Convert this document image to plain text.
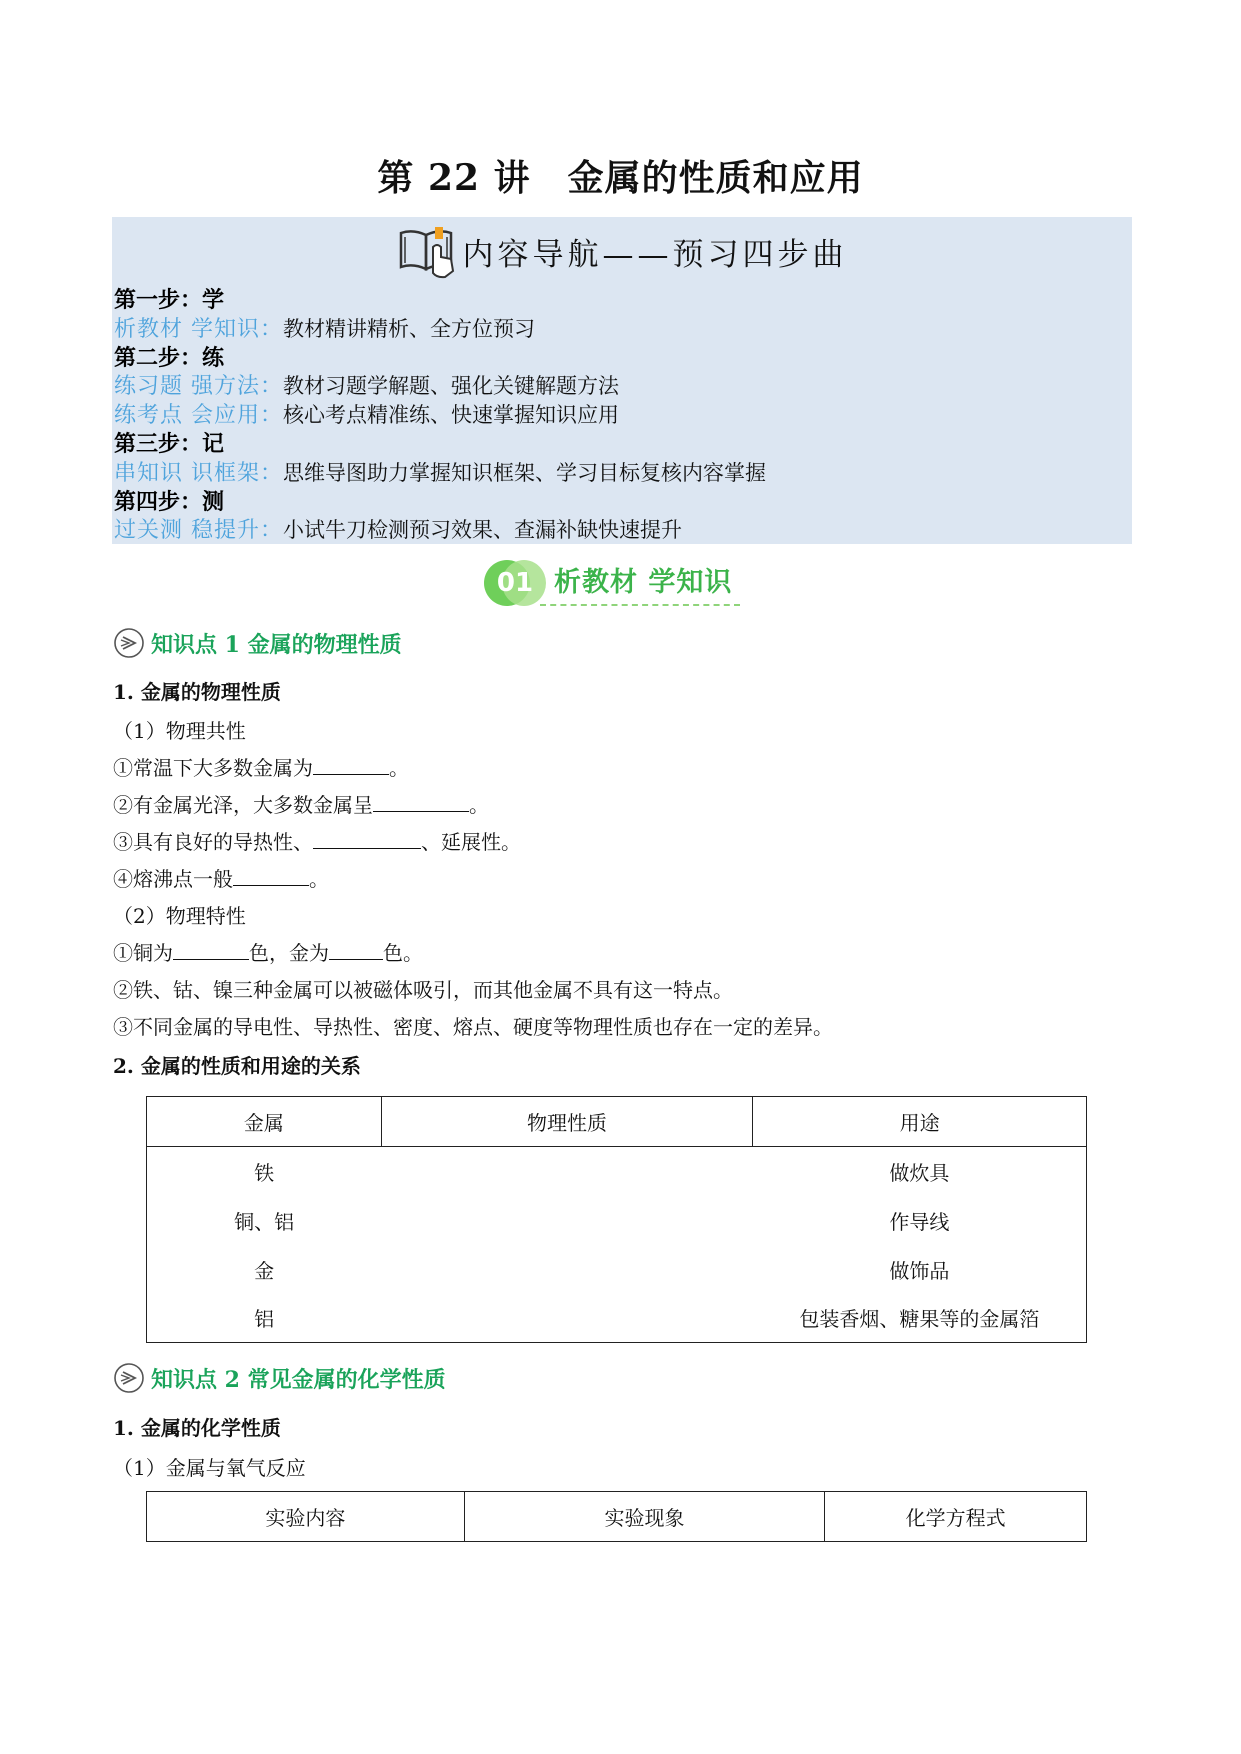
第 22 讲　金属的性质和应用
内容导航——预习四步曲
第一步：学
析教材 学知识：教材精讲精析、全方位预习
第二步：练
练习题 强方法：教材习题学解题、强化关键解题方法
练考点 会应用：核心考点精准练、快速掌握知识应用
第三步：记
串知识 识框架：思维导图助力掌握知识框架、学习目标复核内容掌握
第四步：测
过关测 稳提升：小试牛刀检测预习效果、查漏补缺快速提升
01 析教材 学知识
知识点 1 金属的物理性质
1. 金属的物理性质
（1）物理共性
①常温下大多数金属为	。
②有金属光泽，大多数金属呈	。
③具有良好的导热性、	、延展性。
④熔沸点一般	。
（2）物理特性
①铜为	色，金为	色。
②铁、钴、镍三种金属可以被磁体吸引，而其他金属不具有这一特点。
③不同金属的导电性、导热性、密度、熔点、硬度等物理性质也存在一定的差异。
2. 金属的性质和用途的关系
金属	物理性质	用途
铁		做炊具
铜、铝		作导线
金		做饰品
铝		包装香烟、糖果等的金属箔
知识点 2 常见金属的化学性质
1. 金属的化学性质
（1）金属与氧气反应
实验内容	实验现象	化学方程式
